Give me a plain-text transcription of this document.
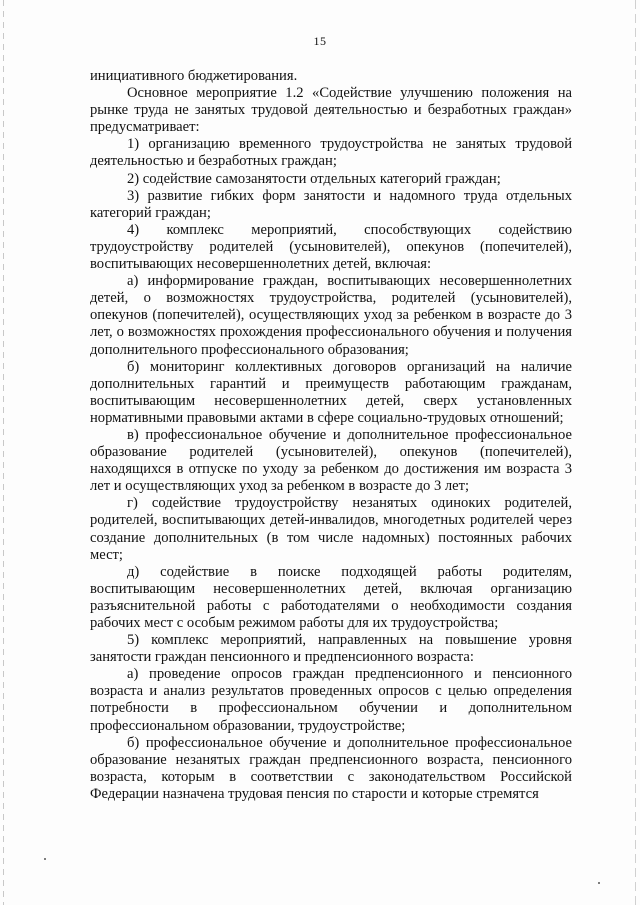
15

инициативного бюджетирования.

Основное мероприятие 1.2 «Содействие улучшению положения на рынке труда не занятых трудовой деятельностью и безработных граждан» предусматривает:

1) организацию временного трудоустройства не занятых трудовой деятельностью и безработных граждан;

2) содействие самозанятости отдельных категорий граждан;

3) развитие гибких форм занятости и надомного труда отдельных категорий граждан;

4) комплекс мероприятий, способствующих содействию трудоустройству родителей (усыновителей), опекунов (попечителей), воспитывающих несовершеннолетних детей, включая:

а) информирование граждан, воспитывающих несовершеннолетних детей, о возможностях трудоустройства, родителей (усыновителей), опекунов (попечителей), осуществляющих уход за ребенком в возрасте до 3 лет, о возможностях прохождения профессионального обучения и получения дополнительного профессионального образования;

б) мониторинг коллективных договоров организаций на наличие дополнительных гарантий и преимуществ работающим гражданам, воспитывающим несовершеннолетних детей, сверх установленных нормативными правовыми актами в сфере социально-трудовых отношений;

в) профессиональное обучение и дополнительное профессиональное образование родителей (усыновителей), опекунов (попечителей), находящихся в отпуске по уходу за ребенком до достижения им возраста 3 лет и осуществляющих уход за ребенком в возрасте до 3 лет;

г) содействие трудоустройству незанятых одиноких родителей, родителей, воспитывающих детей-инвалидов, многодетных родителей через создание дополнительных (в том числе надомных) постоянных рабочих мест;

д) содействие в поиске подходящей работы родителям, воспитывающим несовершеннолетних детей, включая организацию разъяснительной работы с работодателями о необходимости создания рабочих мест с особым режимом работы для их трудоустройства;

5) комплекс мероприятий, направленных на повышение уровня занятости граждан пенсионного и предпенсионного возраста:

а) проведение опросов граждан предпенсионного и пенсионного возраста и анализ результатов проведенных опросов с целью определения потребности в профессиональном обучении и дополнительном профессиональном образовании, трудоустройстве;

б) профессиональное обучение и дополнительное профессиональное образование незанятых граждан предпенсионного возраста, пенсионного возраста, которым в соответствии с законодательством Российской Федерации назначена трудовая пенсия по старости и которые стремятся
